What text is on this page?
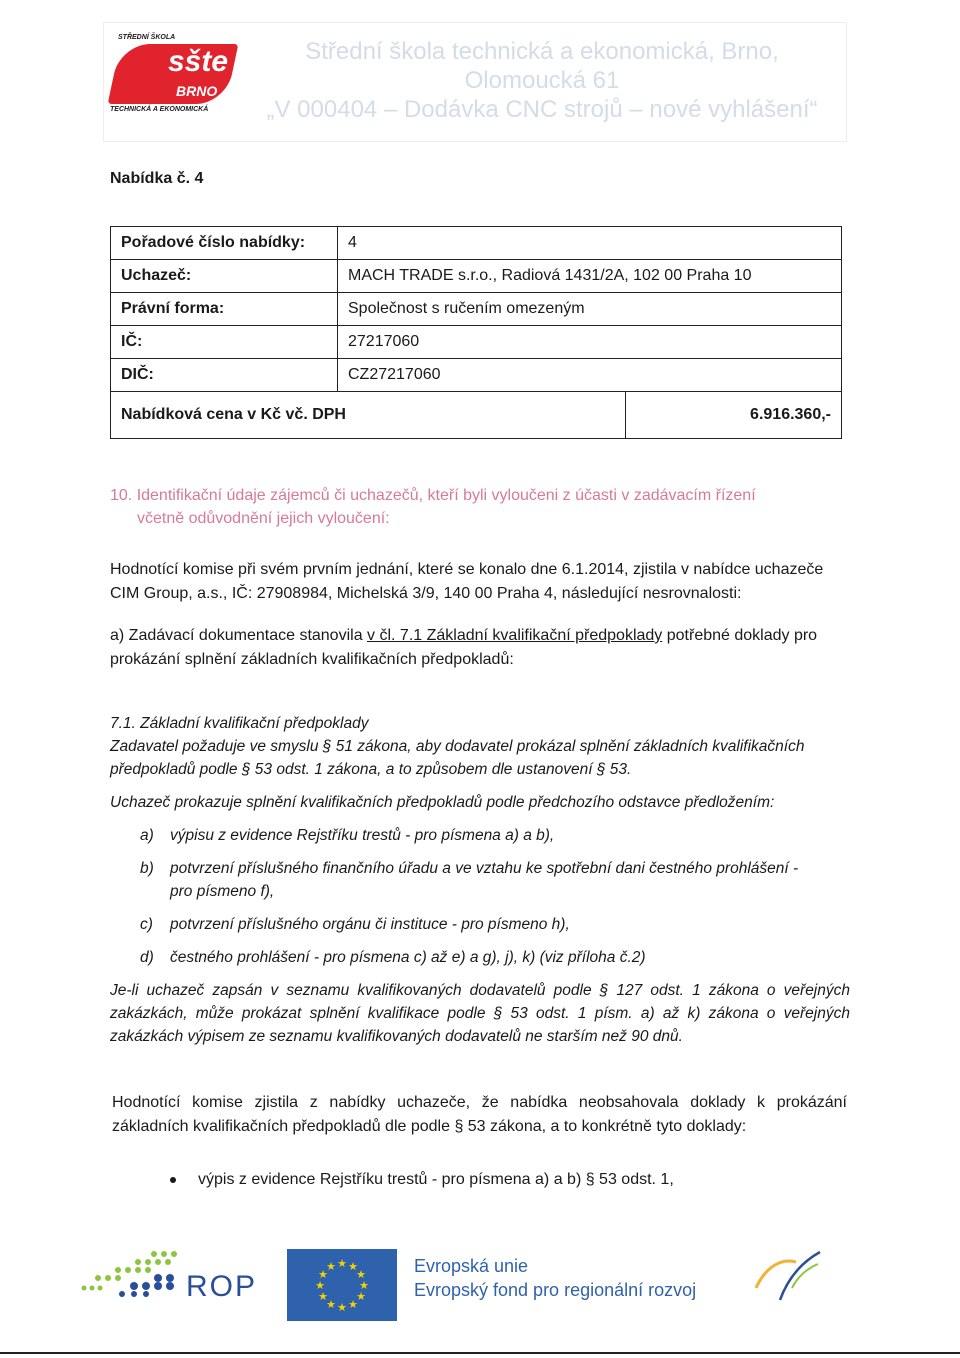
STŘEDNÍ ŠKOLA
sšte
BRNO
TECHNICKÁ A EKONOMICKÁ
Střední škola technická a ekonomická, Brno,
Olomoucká 61
„V 000404 – Dodávka CNC strojů – nové vyhlášení“
Nabídka č. 4
Pořadové číslo nabídky:	4	
Uchazeč:	MACH TRADE s.r.o., Radiová 1431/2A, 102 00 Praha 10	
Právní forma:	Společnost s ručením omezeným	
IČ:	27217060	
DIČ:	CZ27217060	
Nabídková cena v Kč vč. DPH		6.916.360,-
10. Identifikační údaje zájemců či uchazečů, kteří byli vyloučeni z účasti v zadávacím řízení
včetně odůvodnění jejich vyloučení:
Hodnotící komise při svém prvním jednání, které se konalo dne 6.1.2014, zjistila v nabídce uchazeče
CIM Group, a.s., IČ: 27908984, Michelská 3/9, 140 00 Praha 4, následující nesrovnalosti:
a) Zadávací dokumentace stanovila v čl. 7.1 Základní kvalifikační předpoklady potřebné doklady pro
prokázání splnění základních kvalifikačních předpokladů:
7.1. Základní kvalifikační předpoklady
Zadavatel požaduje ve smyslu § 51 zákona, aby dodavatel prokázal splnění základních kvalifikačních
předpokladů podle § 53 odst. 1 zákona, a to způsobem dle ustanovení § 53.
Uchazeč prokazuje splnění kvalifikačních předpokladů podle předchozího odstavce předložením:
a) výpisu z evidence Rejstříku trestů - pro písmena a) a b),
b) potvrzení příslušného finančního úřadu a ve vztahu ke spotřební dani čestného prohlášení -
pro písmeno f),
c) potvrzení příslušného orgánu či instituce - pro písmeno h),
d) čestného prohlášení - pro písmena c) až e) a g), j), k) (viz příloha č.2)
Je-li uchazeč zapsán v seznamu kvalifikovaných dodavatelů podle § 127 odst. 1 zákona o veřejných
zakázkách, může prokázat splnění kvalifikace podle § 53 odst. 1 písm. a) až k) zákona o veřejných
zakázkách výpisem ze seznamu kvalifikovaných dodavatelů ne starším než 90 dnů.
Hodnotící komise zjistila z nabídky uchazeče, že nabídka neobsahovala doklady k prokázání
základních kvalifikačních předpokladů dle podle § 53 zákona, a to konkrétně tyto doklady:
výpis z evidence Rejstříku trestů - pro písmena a) a b) § 53 odst. 1,
ROP
★ ★
★
★
★
★
★
★
★
★
★
★	Evropská unie
Evropský fond pro regionální rozvoj
